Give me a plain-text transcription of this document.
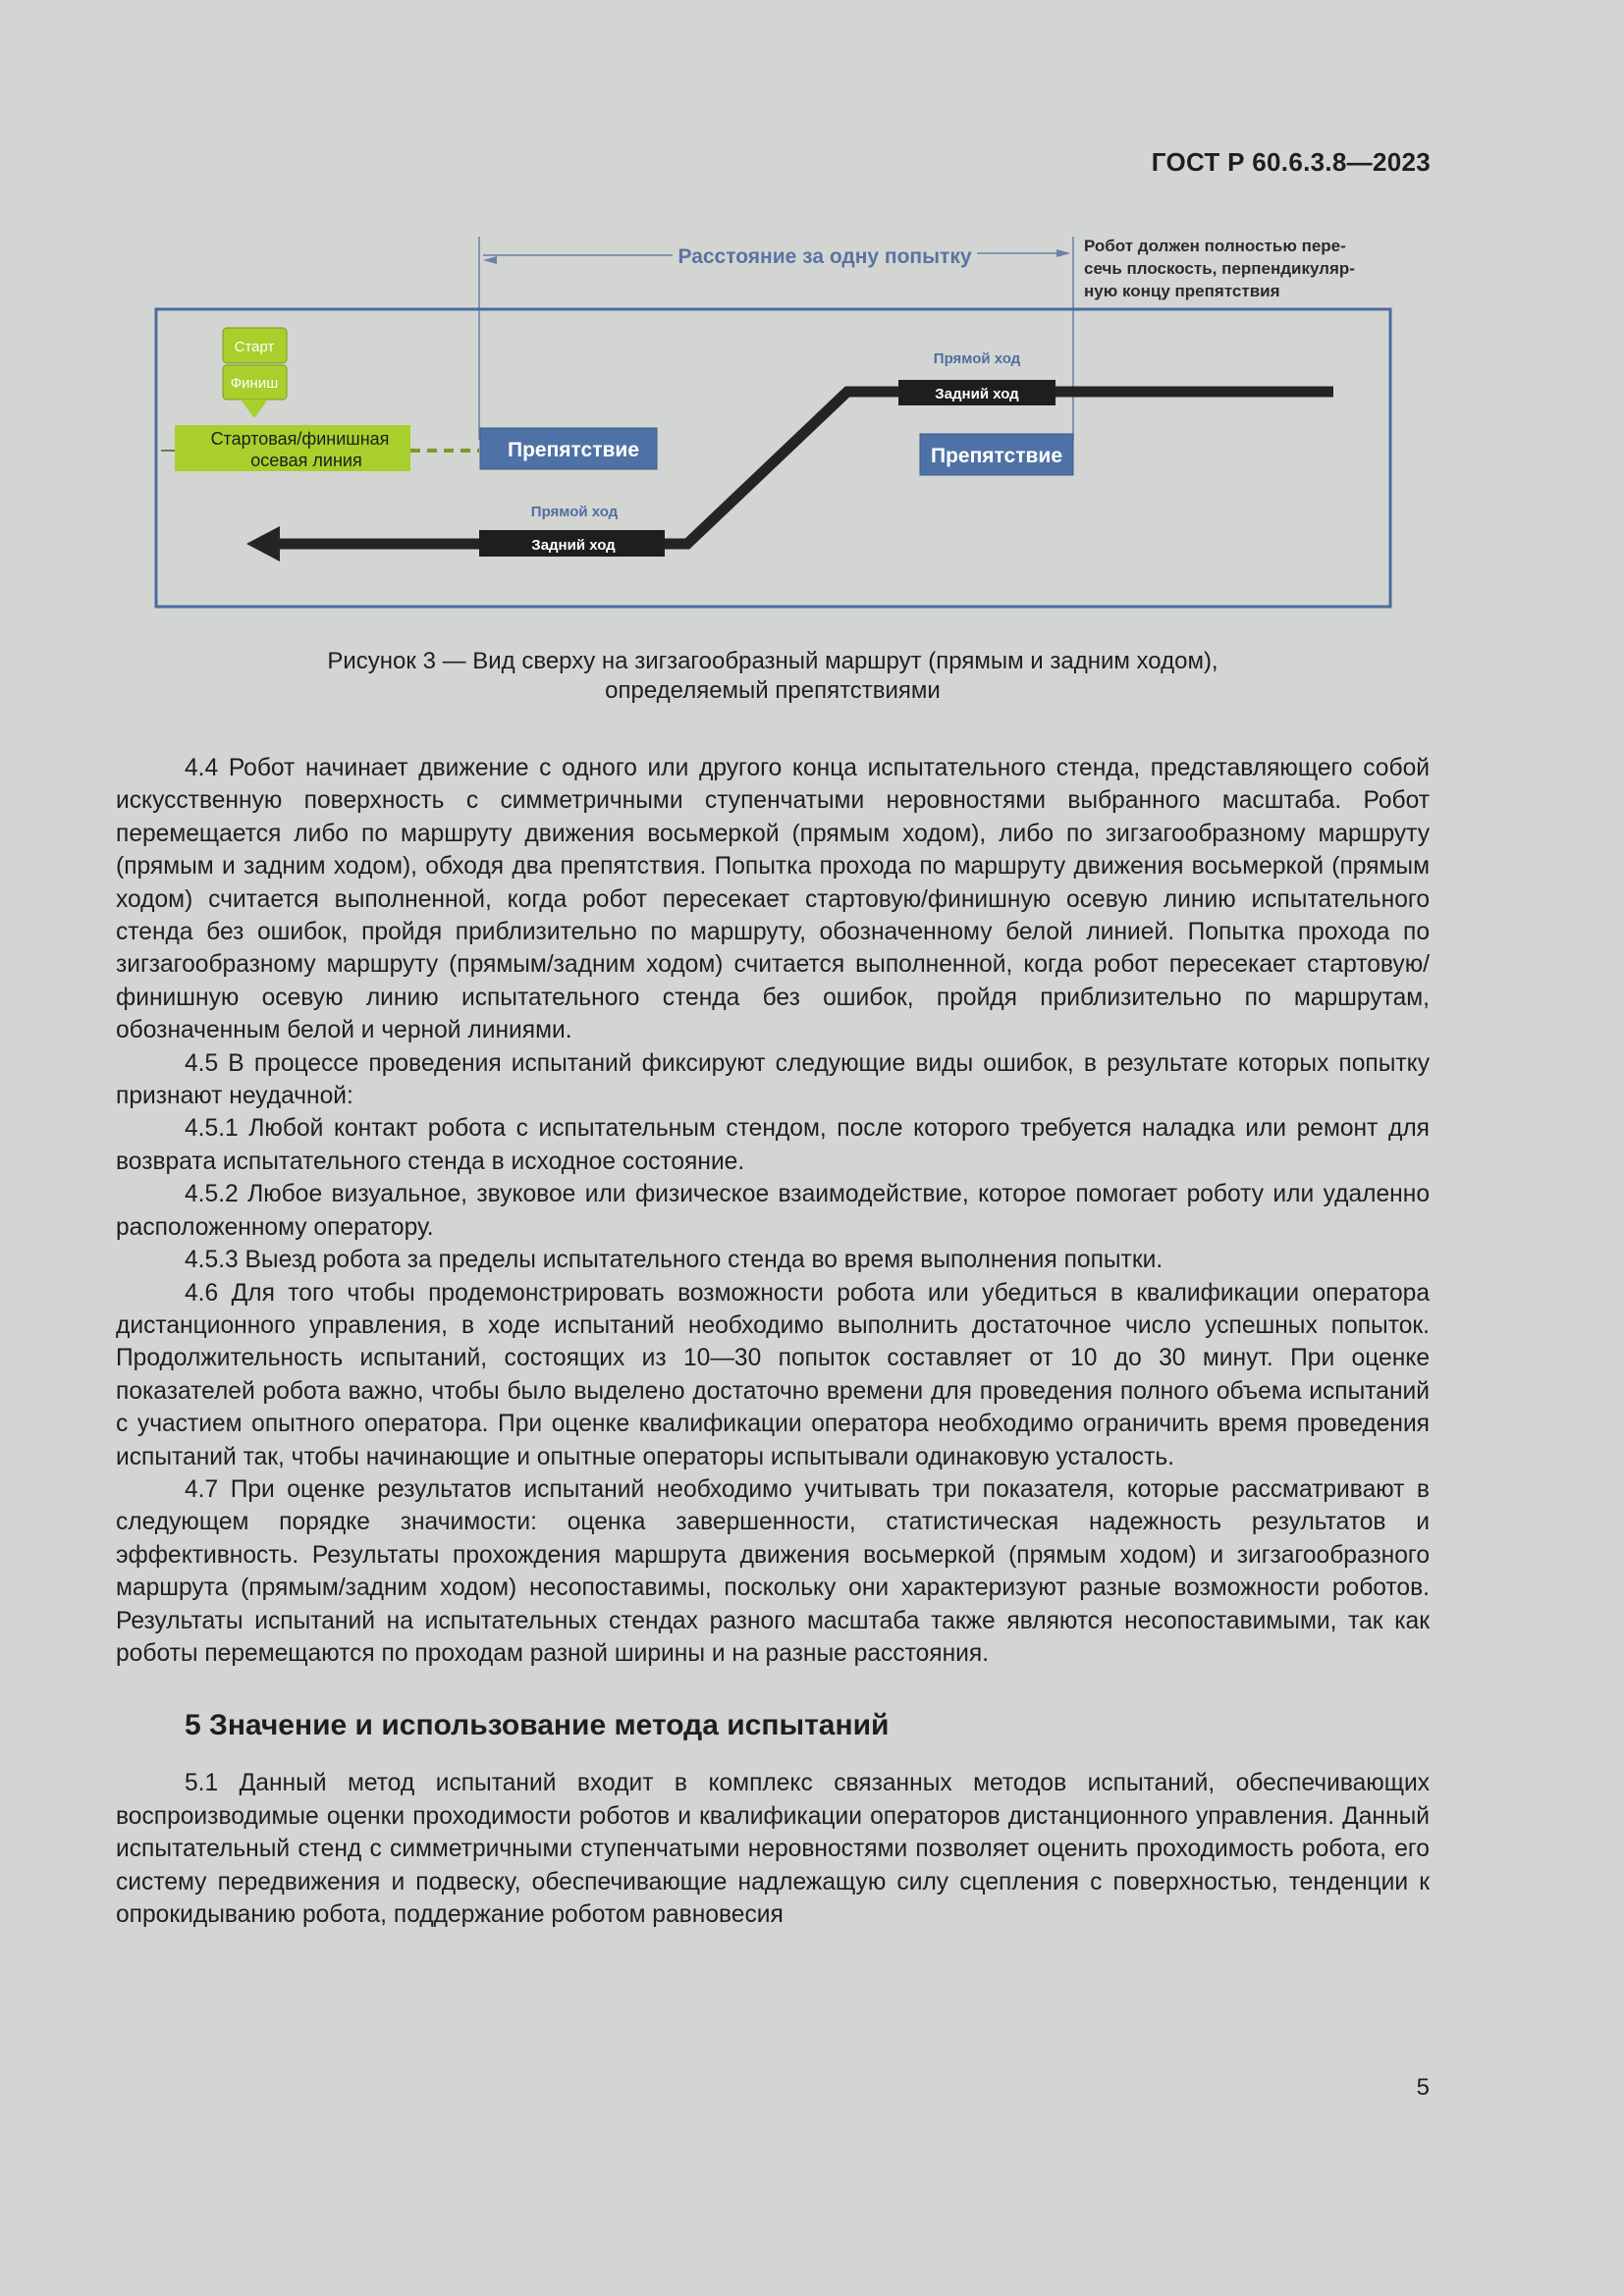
ГОСТ Р 60.6.3.8—2023
Расстояние за одну попытку	Робот должен полностью пере- сечь плоскость, перпендикуляр- ную концу препятствия
Старт
Финиш
Стартовая/финишная осевая линия	Препятствие	Препятствие
Прямой ход
Задний ход
Прямой ход
Задний ход
Рисунок 3 — Вид сверху на зигзагообразный маршрут (прямым и задним ходом),
определяемый препятствиями

4.4 Робот начинает движение с одного или другого конца испытательного стенда, представляющего собой искусственную поверхность с симметричными ступенчатыми неровностями выбранного масштаба. Робот перемещается либо по маршруту движения восьмеркой (прямым ходом), либо по зигзагообразному маршруту (прямым и задним ходом), обходя два препятствия. Попытка прохода по маршруту движения восьмеркой (прямым ходом) считается выполненной, когда робот пересекает стартовую/финишную осевую линию испытательного стенда без ошибок, пройдя приблизительно по маршруту, обозначенному белой линией. Попытка прохода по зигзагообразному маршруту (прямым/задним ходом) считается выполненной, когда робот пересекает стартовую/финишную осевую линию испытательного стенда без ошибок, пройдя приблизительно по маршрутам, обозначенным белой и черной линиями.

4.5 В процессе проведения испытаний фиксируют следующие виды ошибок, в результате которых попытку признают неудачной:

4.5.1 Любой контакт робота с испытательным стендом, после которого требуется наладка или ремонт для возврата испытательного стенда в исходное состояние.

4.5.2 Любое визуальное, звуковое или физическое взаимодействие, которое помогает роботу или удаленно расположенному оператору.

4.5.3 Выезд робота за пределы испытательного стенда во время выполнения попытки.

4.6 Для того чтобы продемонстрировать возможности робота или убедиться в квалификации оператора дистанционного управления, в ходе испытаний необходимо выполнить достаточное число успешных попыток. Продолжительность испытаний, состоящих из 10—30 попыток составляет от 10 до 30 минут. При оценке показателей робота важно, чтобы было выделено достаточно времени для проведения полного объема испытаний с участием опытного оператора. При оценке квалификации оператора необходимо ограничить время проведения испытаний так, чтобы начинающие и опытные операторы испытывали одинаковую усталость.

4.7 При оценке результатов испытаний необходимо учитывать три показателя, которые рассматривают в следующем порядке значимости: оценка завершенности, статистическая надежность результатов и эффективность. Результаты прохождения маршрута движения восьмеркой (прямым ходом) и зигзагообразного маршрута (прямым/задним ходом) несопоставимы, поскольку они характеризуют разные возможности роботов. Результаты испытаний на испытательных стендах разного масштаба также являются несопоставимыми, так как роботы перемещаются по проходам разной ширины и на разные расстояния.

5 Значение и использование метода испытаний

5.1 Данный метод испытаний входит в комплекс связанных методов испытаний, обеспечивающих воспроизводимые оценки проходимости роботов и квалификации операторов дистанционного управления. Данный испытательный стенд с симметричными ступенчатыми неровностями позволяет оценить проходимость робота, его систему передвижения и подвеску, обеспечивающие надлежащую силу сцепления с поверхностью, тенденции к опрокидыванию робота, поддержание роботом равновесия

5
